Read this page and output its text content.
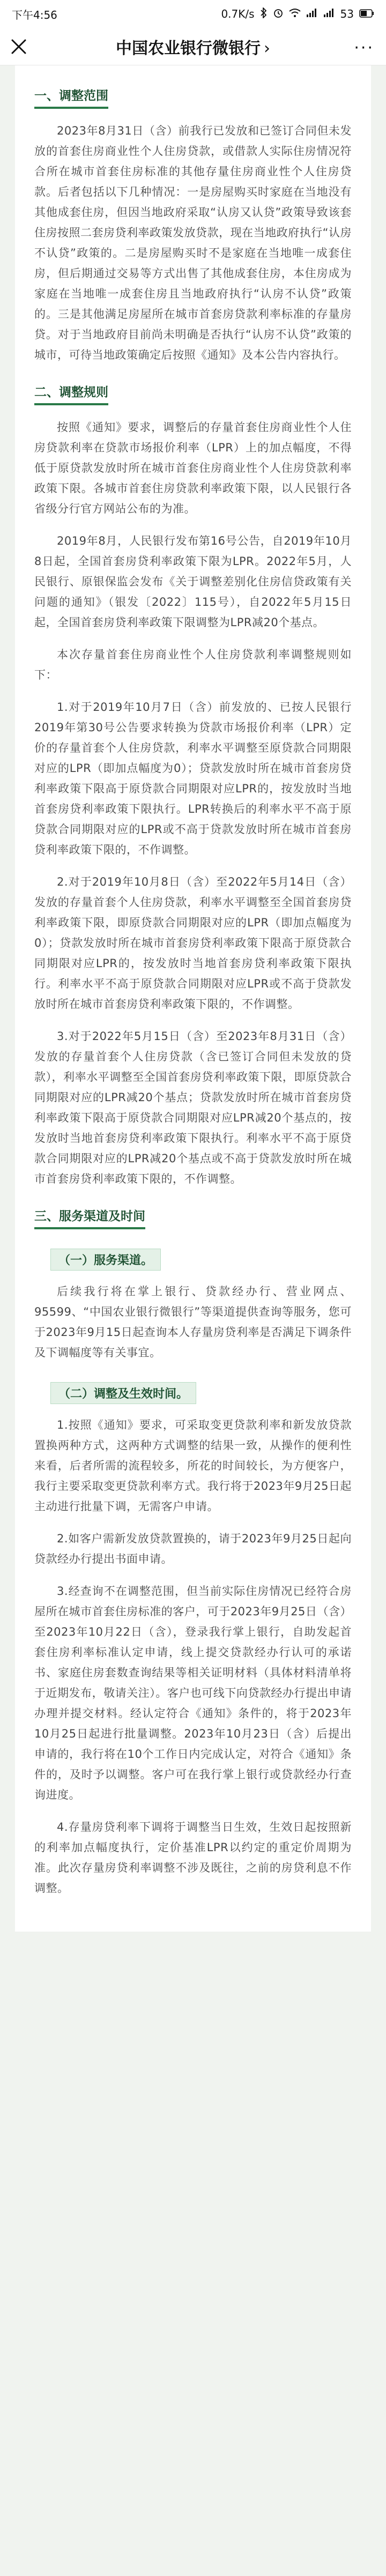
下午4:56	0.7K/s	53
中国农业银行微银行 ›	···
一、调整范围

2023年8月31日（含）前我行已发放和已签订合同但未发放的首套住房商业性个人住房贷款，或借款人实际住房情况符合所在城市首套住房标准的其他存量住房商业性个人住房贷款。后者包括以下几种情况：一是房屋购买时家庭在当地没有其他成套住房，但因当地政府采取“认房又认贷”政策导致该套住房按照二套房贷利率政策发放贷款，现在当地政府执行“认房不认贷”政策的。二是房屋购买时不是家庭在当地唯一成套住房，但后期通过交易等方式出售了其他成套住房，本住房成为家庭在当地唯一成套住房且当地政府执行“认房不认贷”政策的。三是其他满足房屋所在城市首套房贷款利率标准的存量房贷。对于当地政府目前尚未明确是否执行“认房不认贷”政策的城市，可待当地政策确定后按照《通知》及本公告内容执行。

二、调整规则

按照《通知》要求，调整后的存量首套住房商业性个人住房贷款利率在贷款市场报价利率（LPR）上的加点幅度，不得低于原贷款发放时所在城市首套住房商业性个人住房贷款利率政策下限。各城市首套住房贷款利率政策下限，以人民银行各省级分行官方网站公布的为准。

2019年8月，人民银行发布第16号公告，自2019年10月8日起，全国首套房贷利率政策下限为LPR。2022年5月，人民银行、原银保监会发布《关于调整差别化住房信贷政策有关问题的通知》（银发〔2022〕115号），自2022年5月15日起，全国首套房贷利率政策下限调整为LPR减20个基点。

本次存量首套住房商业性个人住房贷款利率调整规则如下：

1.对于2019年10月7日（含）前发放的、已按人民银行2019年第30号公告要求转换为贷款市场报价利率（LPR）定价的存量首套个人住房贷款，利率水平调整至原贷款合同期限对应的LPR（即加点幅度为0）；贷款发放时所在城市首套房贷利率政策下限高于原贷款合同期限对应LPR的，按发放时当地首套房贷利率政策下限执行。LPR转换后的利率水平不高于原贷款合同期限对应的LPR或不高于贷款发放时所在城市首套房贷利率政策下限的，不作调整。

2.对于2019年10月8日（含）至2022年5月14日（含）发放的存量首套个人住房贷款，利率水平调整至全国首套房贷利率政策下限，即原贷款合同期限对应的LPR（即加点幅度为0）；贷款发放时所在城市首套房贷利率政策下限高于原贷款合同期限对应LPR的，按发放时当地首套房贷利率政策下限执行。利率水平不高于原贷款合同期限对应LPR或不高于贷款发放时所在城市首套房贷利率政策下限的，不作调整。

3.对于2022年5月15日（含）至2023年8月31日（含）发放的存量首套个人住房贷款（含已签订合同但未发放的贷款），利率水平调整至全国首套房贷利率政策下限，即原贷款合同期限对应的LPR减20个基点；贷款发放时所在城市首套房贷利率政策下限高于原贷款合同期限对应LPR减20个基点的，按发放时当地首套房贷利率政策下限执行。利率水平不高于原贷款合同期限对应的LPR减20个基点或不高于贷款发放时所在城市首套房贷利率政策下限的，不作调整。

三、服务渠道及时间
（一）服务渠道。

后续我行将在掌上银行、贷款经办行、营业网点、95599、“中国农业银行微银行”等渠道提供查询等服务，您可于2023年9月15日起查询本人存量房贷利率是否满足下调条件及下调幅度等有关事宜。

（二）调整及生效时间。

1.按照《通知》要求，可采取变更贷款利率和新发放贷款置换两种方式，这两种方式调整的结果一致，从操作的便利性来看，后者所需的流程较多，所花的时间较长，为方便客户，我行主要采取变更贷款利率方式。我行将于2023年9月25日起主动进行批量下调，无需客户申请。

2.如客户需新发放贷款置换的，请于2023年9月25日起向贷款经办行提出书面申请。

3.经查询不在调整范围，但当前实际住房情况已经符合房屋所在城市首套住房标准的客户，可于2023年9月25日（含）至2023年10月22日（含），登录我行掌上银行，自助发起首套住房利率标准认定申请，线上提交贷款经办行认可的承诺书、家庭住房套数查询结果等相关证明材料（具体材料清单将于近期发布，敬请关注）。客户也可线下向贷款经办行提出申请办理并提交材料。经认定符合《通知》条件的，将于2023年10月25日起进行批量调整。2023年10月23日（含）后提出申请的，我行将在10个工作日内完成认定，对符合《通知》条件的，及时予以调整。客户可在我行掌上银行或贷款经办行查询进度。

4.存量房贷利率下调将于调整当日生效，生效日起按照新的利率加点幅度执行，定价基准LPR以约定的重定价周期为准。此次存量房贷利率调整不涉及既往，之前的房贷利息不作调整。
